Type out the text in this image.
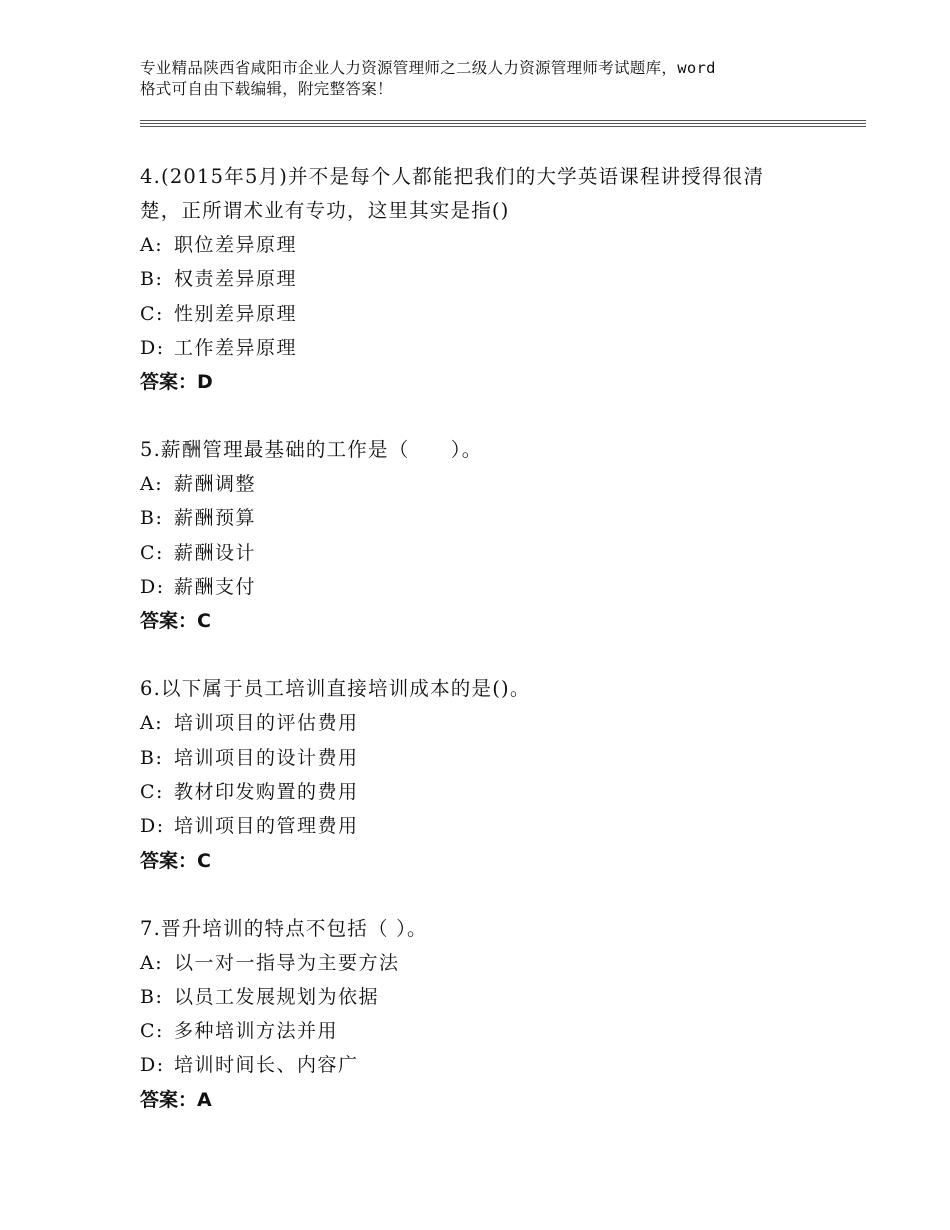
专业精品陕西省咸阳市企业人力资源管理师之二级人力资源管理师考试题库，word
格式可自由下载编辑，附完整答案！

4.(2015年5月)并不是每个人都能把我们的大学英语课程讲授得很清

楚，正所谓术业有专功，这里其实是指()

A: 职位差异原理

B: 权责差异原理

C: 性别差异原理

D: 工作差异原理

答案：D

5.薪酬管理最基础的工作是（　　）。

A: 薪酬调整

B: 薪酬预算

C: 薪酬设计

D: 薪酬支付

答案：C

6.以下属于员工培训直接培训成本的是()。

A: 培训项目的评估费用

B: 培训项目的设计费用

C: 教材印发购置的费用

D: 培训项目的管理费用

答案：C

7.晋升培训的特点不包括（ ）。

A: 以一对一指导为主要方法

B: 以员工发展规划为依据

C: 多种培训方法并用

D: 培训时间长、内容广

答案：A
